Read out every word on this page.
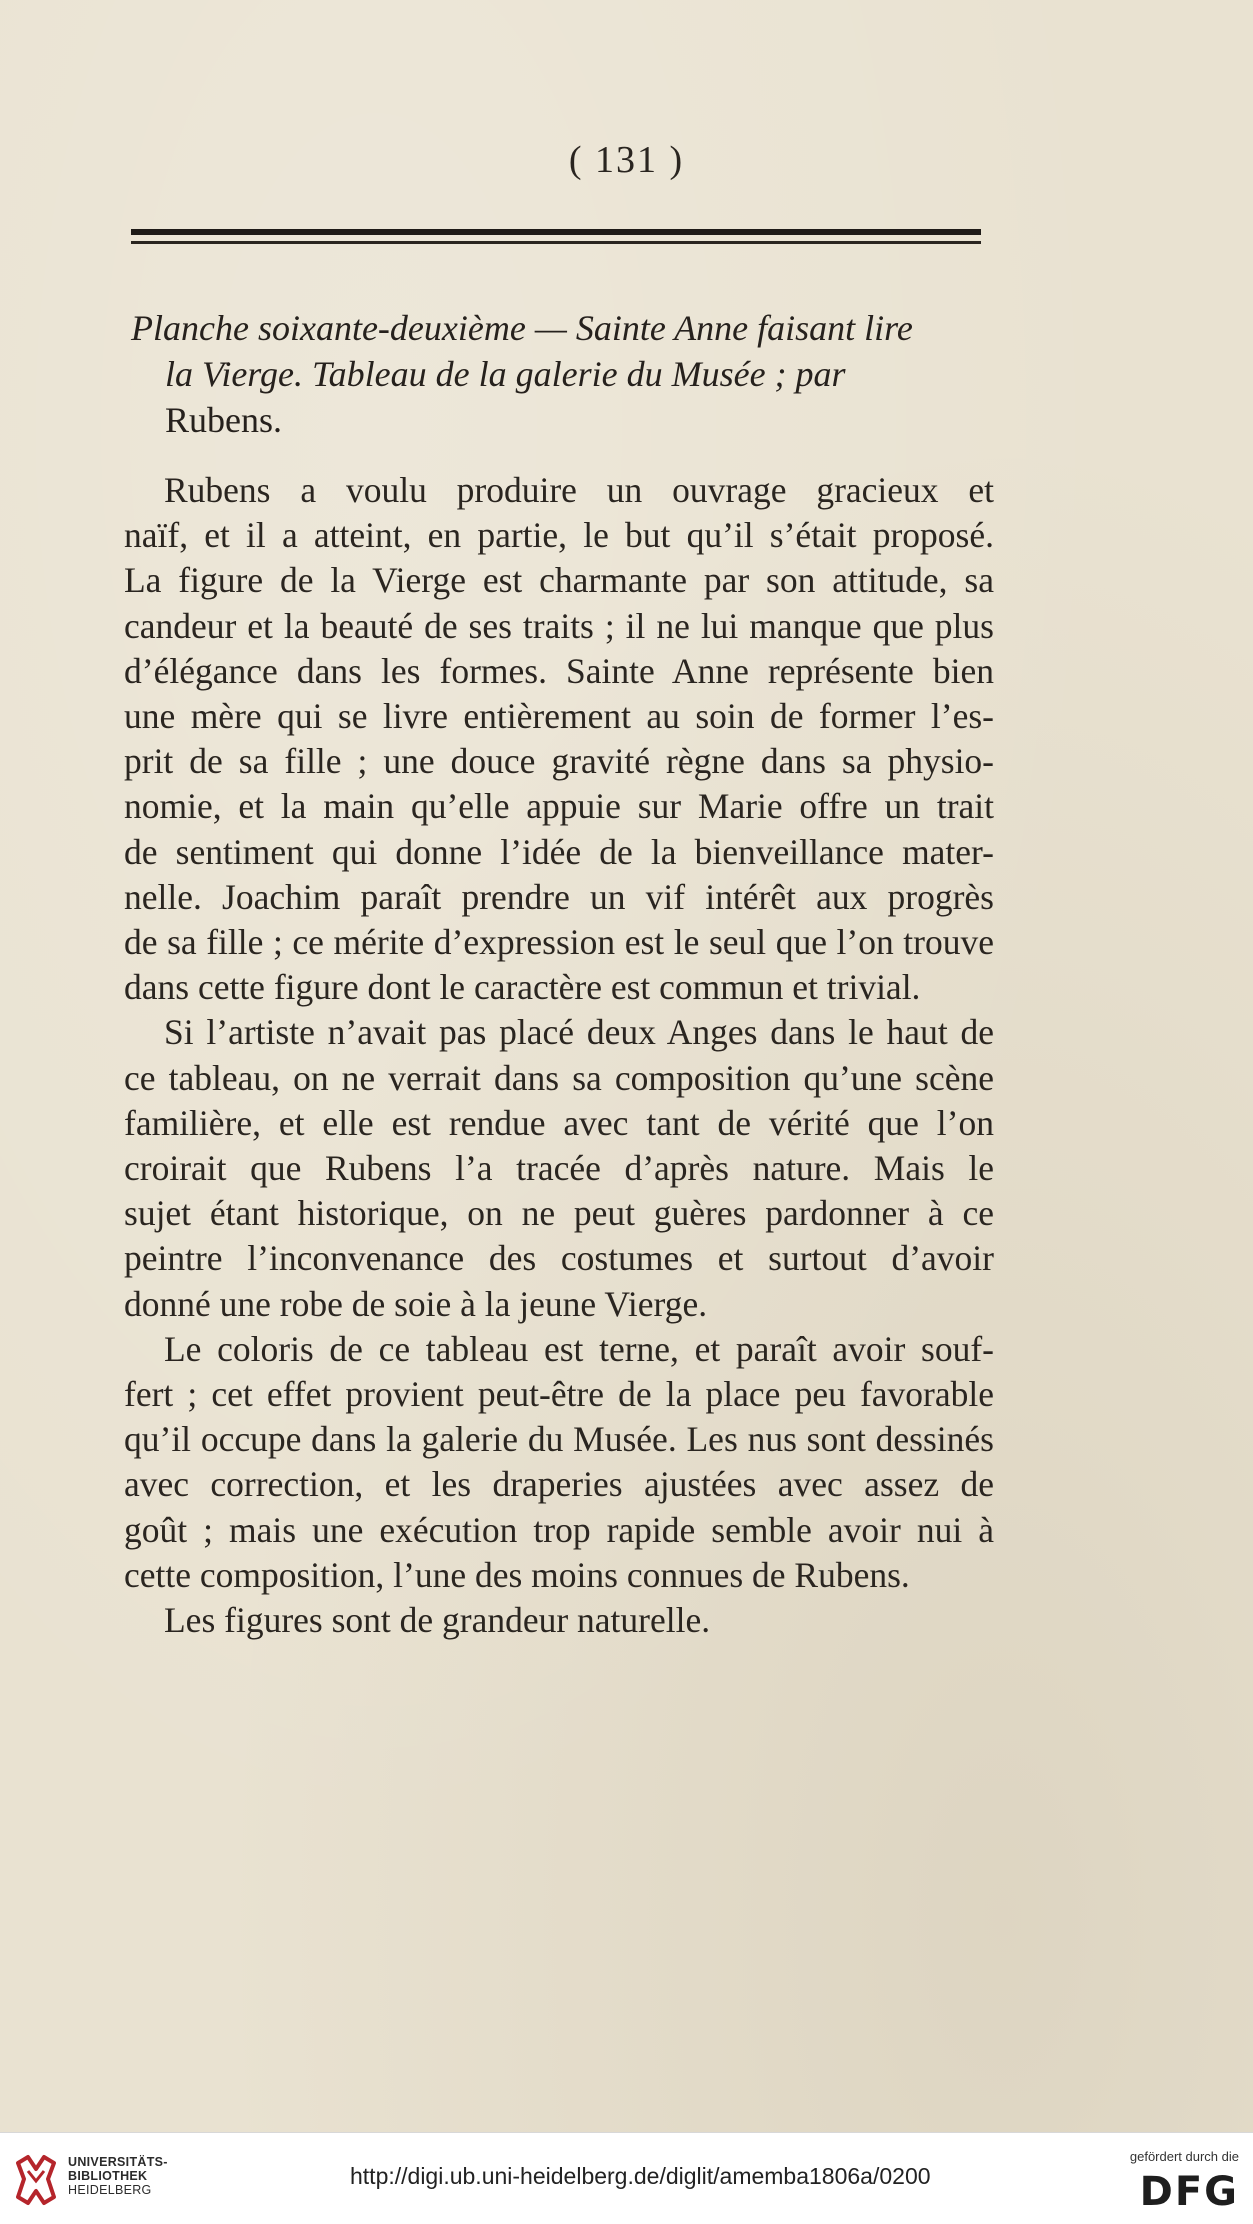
( 131 )
Planche soixante-deuxième — Sainte Anne faisant lire
la Vierge. Tableau de la galerie du Musée ; par
Rubens.
Rubens a voulu produire un ouvrage gracieux et
naïf, et il a atteint, en partie, le but qu’il s’était proposé.
La figure de la Vierge est charmante par son attitude, sa
candeur et la beauté de ses traits ; il ne lui manque que plus
d’élégance dans les formes. Sainte Anne représente bien
une mère qui se livre entièrement au soin de former l’es-
prit de sa fille ; une douce gravité règne dans sa physio-
nomie, et la main qu’elle appuie sur Marie offre un trait
de sentiment qui donne l’idée de la bienveillance mater-
nelle. Joachim paraît prendre un vif intérêt aux progrès
de sa fille ; ce mérite d’expression est le seul que l’on trouve
dans cette figure dont le caractère est commun et trivial.
Si l’artiste n’avait pas placé deux Anges dans le haut de
ce tableau, on ne verrait dans sa composition qu’une scène
familière, et elle est rendue avec tant de vérité que l’on
croirait que Rubens l’a tracée d’après nature. Mais le
sujet étant historique, on ne peut guères pardonner à ce
peintre l’inconvenance des costumes et surtout d’avoir
donné une robe de soie à la jeune Vierge.
Le coloris de ce tableau est terne, et paraît avoir souf-
fert ; cet effet provient peut-être de la place peu favorable
qu’il occupe dans la galerie du Musée. Les nus sont dessinés
avec correction, et les draperies ajustées avec assez de
goût ; mais une exécution trop rapide semble avoir nui à
cette composition, l’une des moins connues de Rubens.
Les figures sont de grandeur naturelle.
UNIVERSITÄTS-
BIBLIOTHEK
HEIDELBERG
http://digi.ub.uni-heidelberg.de/diglit/amemba1806a/0200
gefördert durch die
DFG
